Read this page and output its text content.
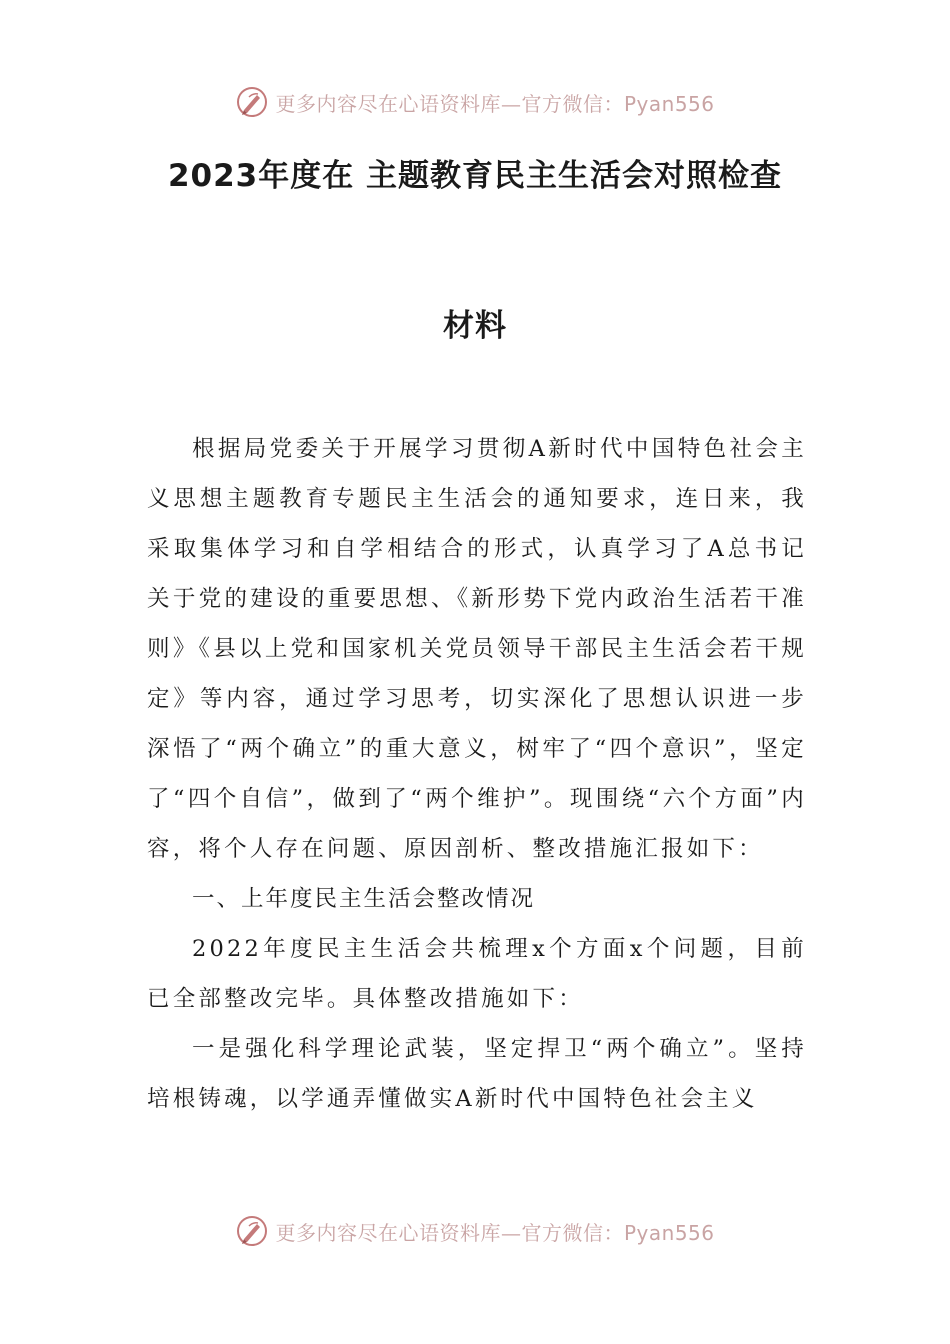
更多内容尽在心语资料库—官方微信：Pyan556
2023年度在 主题教育民主生活会对照检查
材料

根据局党委关于开展学习贯彻A新时代中国特色社会主义思想主题教育专题民主生活会的通知要求，连日来，我采取集体学习和自学相结合的形式，认真学习了A总书记关于党的建设的重要思想、《新形势下党内政治生活若干准则》《县以上党和国家机关党员领导干部民主生活会若干规定》等内容，通过学习思考，切实深化了思想认识进一步深悟了“两个确立”的重大意义，树牢了“四个意识”，坚定了“四个自信”，做到了“两个维护”。现围绕“六个方面”内容，将个人存在问题、原因剖析、整改措施汇报如下：

一、上年度民主生活会整改情况

2022年度民主生活会共梳理x个方面x个问题，目前已全部整改完毕。具体整改措施如下：

一是强化科学理论武装，坚定捍卫“两个确立”。坚持培根铸魂，以学通弄懂做实A新时代中国特色社会主义

更多内容尽在心语资料库—官方微信：Pyan556
